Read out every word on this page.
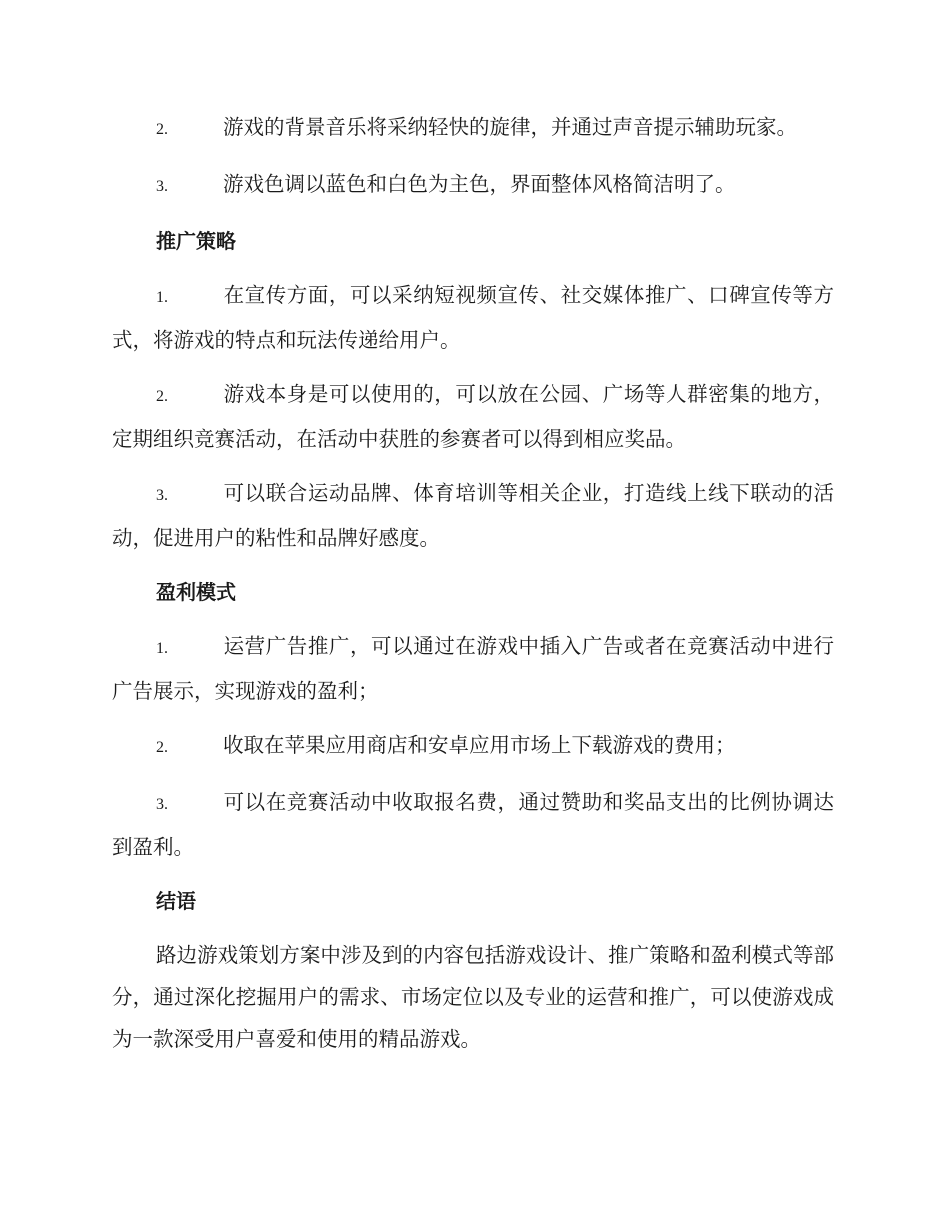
2.	游戏的背景音乐将采纳轻快的旋律，并通过声音提示辅助玩家。

3.	游戏色调以蓝色和白色为主色，界面整体风格简洁明了。

推广策略

1.	在宣传方面，可以采纳短视频宣传、社交媒体推广、口碑宣传等方式，将游戏的特点和玩法传递给用户。

2.	游戏本身是可以使用的，可以放在公园、广场等人群密集的地方，定期组织竞赛活动，在活动中获胜的参赛者可以得到相应奖品。

3.	可以联合运动品牌、体育培训等相关企业，打造线上线下联动的活动，促进用户的粘性和品牌好感度。

盈利模式

1.	运营广告推广，可以通过在游戏中插入广告或者在竞赛活动中进行广告展示，实现游戏的盈利；

2.	收取在苹果应用商店和安卓应用市场上下载游戏的费用；

3.	可以在竞赛活动中收取报名费，通过赞助和奖品支出的比例协调达到盈利。

结语

路边游戏策划方案中涉及到的内容包括游戏设计、推广策略和盈利模式等部分，通过深化挖掘用户的需求、市场定位以及专业的运营和推广，可以使游戏成为一款深受用户喜爱和使用的精品游戏。
